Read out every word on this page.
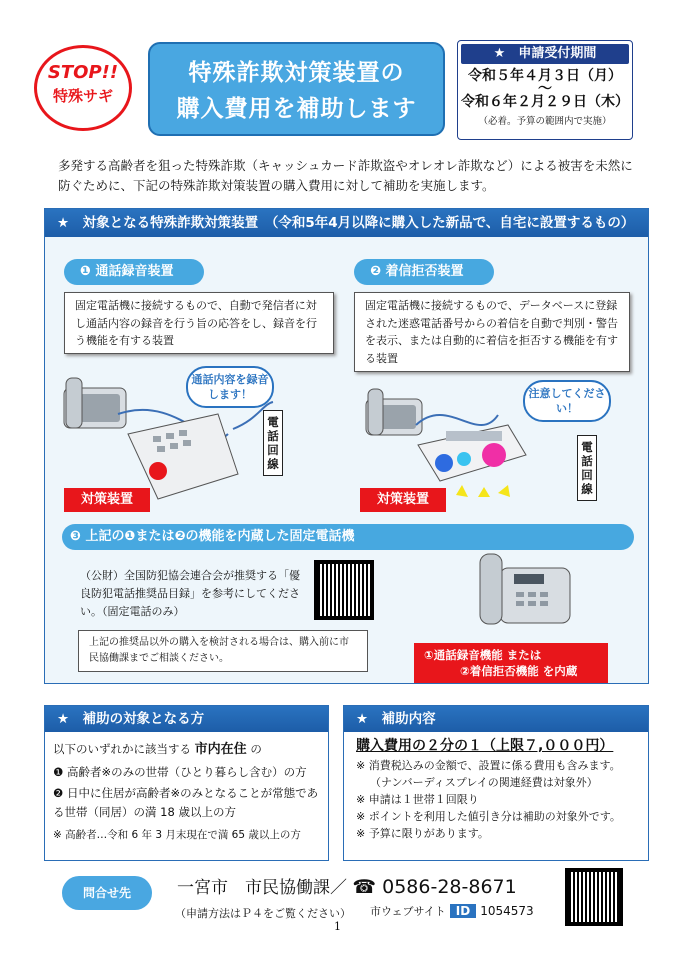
STOP!!
特殊サギ
特殊詐欺対策装置の
購入費用を補助します
★　申請受付期間
令和５年４月３日（月）
～
令和６年２月２９日（木）
（必着。予算の範囲内で実施）
多発する高齢者を狙った特殊詐欺（キャッシュカード詐欺盗やオレオレ詐欺など）による被害を未然に防ぐために、下記の特殊詐欺対策装置の購入費用に対して補助を実施します。
★　対象となる特殊詐欺対策装置　（令和5年4月以降に購入した新品で、自宅に設置するもの）
❶ 通話録音装置
固定電話機に接続するもので、自動で発信者に対し通話内容の録音を行う旨の応答をし、録音を行う機能を有する装置
通話内容を録音します！
電話回線
対策装置
❷ 着信拒否装置
固定電話機に接続するもので、データベースに登録された迷惑電話番号からの着信を自動で判別・警告を表示、または自動的に着信を拒否する機能を有する装置
注意してください！
電話回線
対策装置
❸ 上記の❶または❷の機能を内蔵した固定電話機
（公財）全国防犯協会連合会が推奨する「優良防犯電話推奨品目録」を参考にしてください。（固定電話のみ）
上記の推奨品以外の購入を検討される場合は、購入前に市民協働課までご相談ください。	①通話録音機能 または
②着信拒否機能 を内蔵
★　補助の対象となる方
以下のいずれかに該当する 市内在住 の
❶ 高齢者※のみの世帯（ひとり暮らし含む）の方
❷ 日中に住居が高齢者※のみとなることが常態である世帯（同居）の満 18 歳以上の方
※ 高齢者…令和 6 年 3 月末現在で満 65 歳以上の方
★　補助内容
購入費用の２分の１（上限７,０００円）
※ 消費税込みの金額で、設置に係る費用も含みます。
（ナンバーディスプレイの関連経費は対象外）
※ 申請は１世帯１回限り
※ ポイントを利用した値引き分は補助の対象外です。
※ 予算に限りがあります。
問合せ先	一宮市　市民協働課／ ☎ 0586-28-8671
（申請方法はＰ４をご覧ください） 市ウェブサイト ID 1054573
1
